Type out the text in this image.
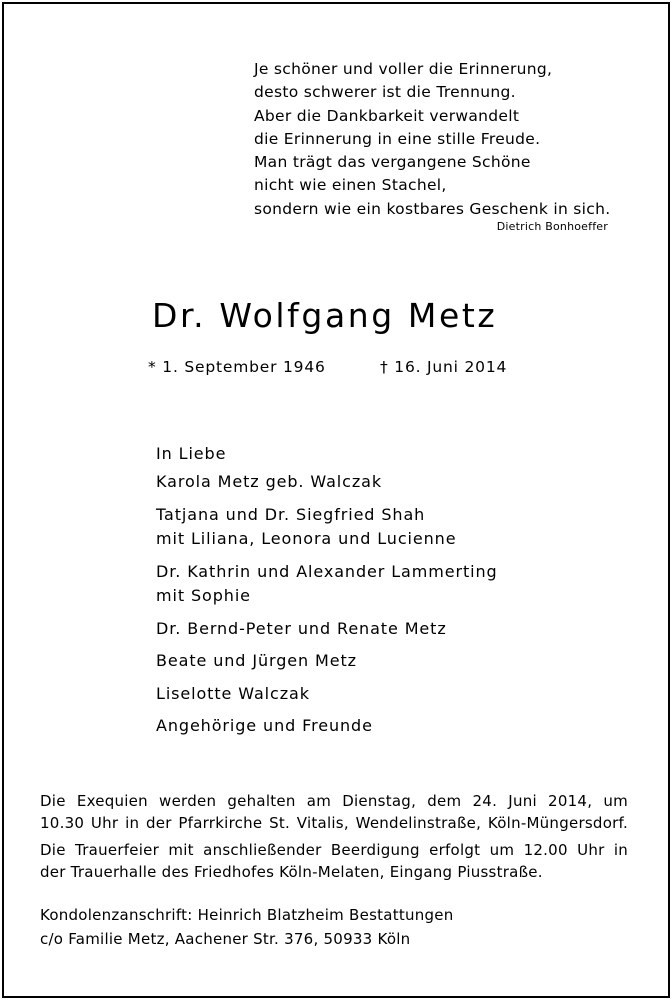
Je schöner und voller die Erinnerung,
desto schwerer ist die Trennung.
Aber die Dankbarkeit verwandelt
die Erinnerung in eine stille Freude.
Man trägt das vergangene Schöne
nicht wie einen Stachel,
sondern wie ein kostbares Geschenk in sich.
Dietrich Bonhoeffer
Dr. Wolfgang Metz
* 1. September 1946	† 16. Juni 2014
In Liebe
Karola Metz geb. Walczak
Tatjana und Dr. Siegfried Shah
mit Liliana, Leonora und Lucienne
Dr. Kathrin und Alexander Lammerting
mit Sophie
Dr. Bernd-Peter und Renate Metz
Beate und Jürgen Metz
Liselotte Walczak
Angehörige und Freunde
Die Exequien werden gehalten am Dienstag, dem 24. Juni 2014, um
10.30 Uhr in der Pfarrkirche St. Vitalis, Wendelinstraße, Köln-Müngersdorf.
Die Trauerfeier mit anschließender Beerdigung erfolgt um 12.00 Uhr in
der Trauerhalle des Friedhofes Köln-Melaten, Eingang Piusstraße.
Kondolenzanschrift: Heinrich Blatzheim Bestattungen
c/o Familie Metz, Aachener Str. 376, 50933 Köln
